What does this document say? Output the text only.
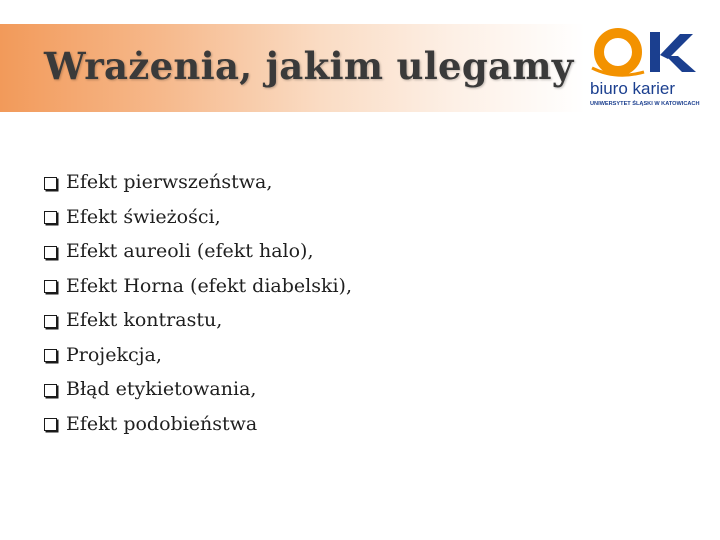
Wrażenia, jakim ulegamy
biuro karier
UNIWERSYTET ŚLĄSKI W KATOWICACH
Efekt pierwszeństwa,
Efekt świeżości,
Efekt aureoli (efekt halo),
Efekt Horna (efekt diabelski),
Efekt kontrastu,
Projekcja,
Błąd etykietowania,
Efekt podobieństwa
